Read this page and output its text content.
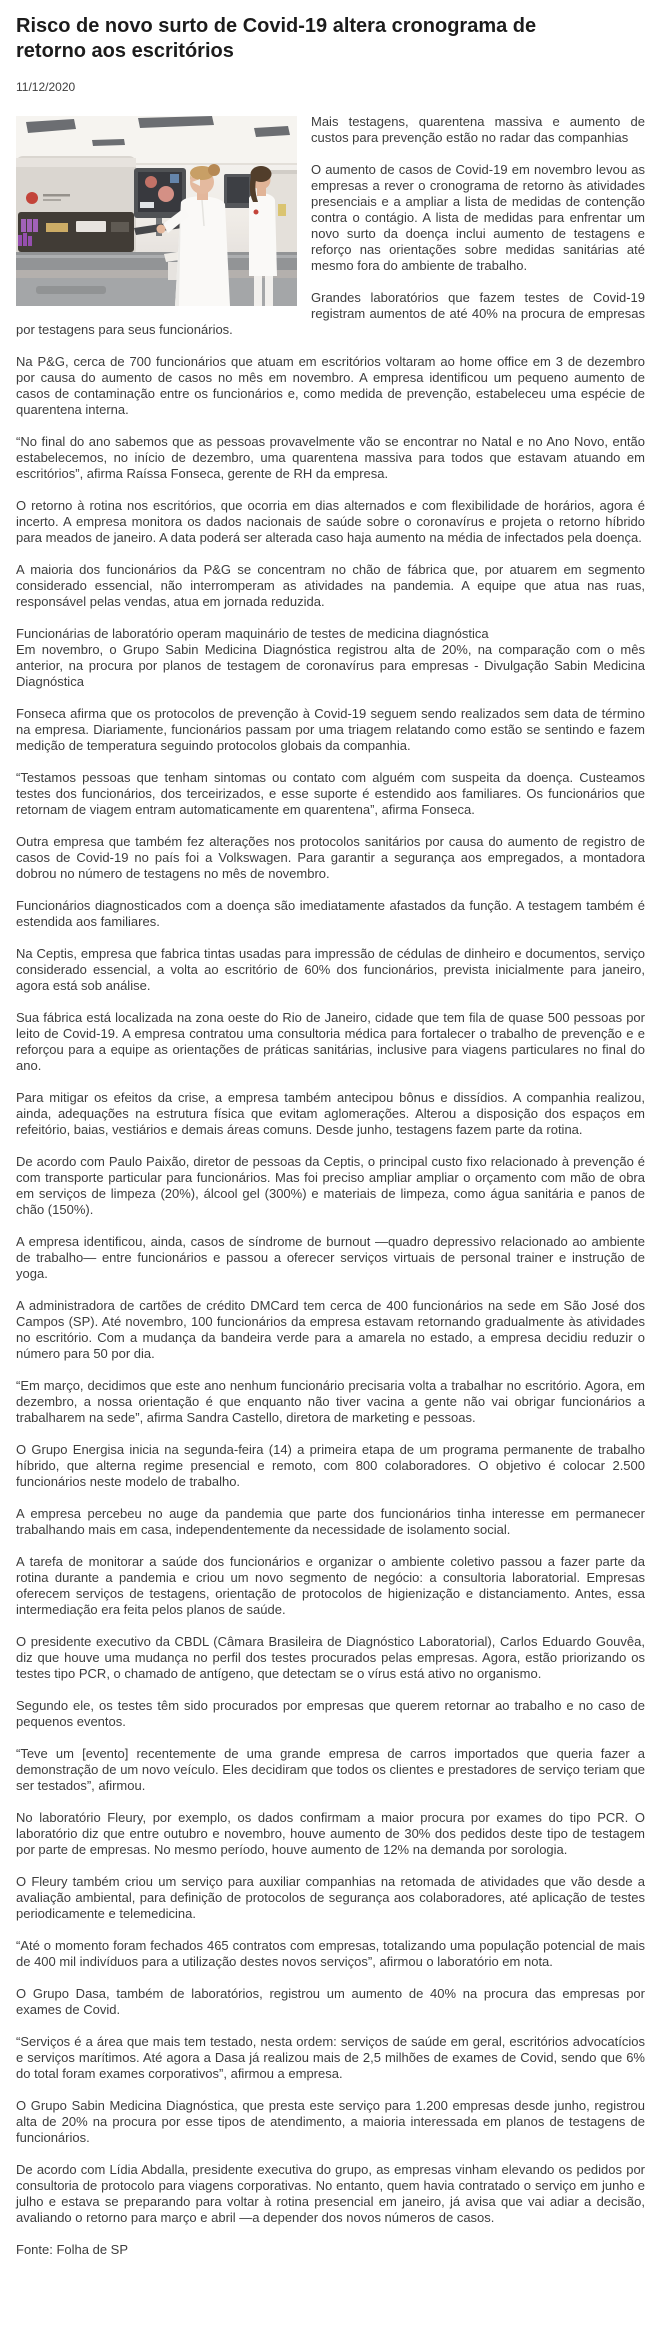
Risco de novo surto de Covid-19 altera cronograma de retorno aos escritórios
11/12/2020

Mais testagens, quarentena massiva e aumento de custos para prevenção estão no radar das companhias

O aumento de casos de Covid-19 em novembro levou as empresas a rever o cronograma de retorno às atividades presenciais e a ampliar a lista de medidas de contenção contra o contágio. A lista de medidas para enfrentar um novo surto da doença inclui aumento de testagens e reforço nas orientações sobre medidas sanitárias até mesmo fora do ambiente de trabalho.

Grandes laboratórios que fazem testes de Covid-19 registram aumentos de até 40% na procura de empresas por testagens para seus funcionários.

Na P&G, cerca de 700 funcionários que atuam em escritórios voltaram ao home office em 3 de dezembro por causa do aumento de casos no mês em novembro. A empresa identificou um pequeno aumento de casos de contaminação entre os funcionários e, como medida de prevenção, estabeleceu uma espécie de quarentena interna.

“No final do ano sabemos que as pessoas provavelmente vão se encontrar no Natal e no Ano Novo, então estabelecemos, no início de dezembro, uma quarentena massiva para todos que estavam atuando em escritórios”, afirma Raíssa Fonseca, gerente de RH da empresa.

O retorno à rotina nos escritórios, que ocorria em dias alternados e com flexibilidade de horários, agora é incerto. A empresa monitora os dados nacionais de saúde sobre o coronavírus e projeta o retorno híbrido para meados de janeiro. A data poderá ser alterada caso haja aumento na média de infectados pela doença.

A maioria dos funcionários da P&G se concentram no chão de fábrica que, por atuarem em segmento considerado essencial, não interromperam as atividades na pandemia. A equipe que atua nas ruas, responsável pelas vendas, atua em jornada reduzida.

Funcionárias de laboratório operam maquinário de testes de medicina diagnóstica

Em novembro, o Grupo Sabin Medicina Diagnóstica registrou alta de 20%, na comparação com o mês anterior, na procura por planos de testagem de coronavírus para empresas - Divulgação Sabin Medicina Diagnóstica

Fonseca afirma que os protocolos de prevenção à Covid-19 seguem sendo realizados sem data de término na empresa. Diariamente, funcionários passam por uma triagem relatando como estão se sentindo e fazem medição de temperatura seguindo protocolos globais da companhia.

“Testamos pessoas que tenham sintomas ou contato com alguém com suspeita da doença. Custeamos testes dos funcionários, dos terceirizados, e esse suporte é estendido aos familiares. Os funcionários que retornam de viagem entram automaticamente em quarentena”, afirma Fonseca.

Outra empresa que também fez alterações nos protocolos sanitários por causa do aumento de registro de casos de Covid-19 no país foi a Volkswagen. Para garantir a segurança aos empregados, a montadora dobrou no número de testagens no mês de novembro.

Funcionários diagnosticados com a doença são imediatamente afastados da função. A testagem também é estendida aos familiares.

Na Ceptis, empresa que fabrica tintas usadas para impressão de cédulas de dinheiro e documentos, serviço considerado essencial, a volta ao escritório de 60% dos funcionários, prevista inicialmente para janeiro, agora está sob análise.

Sua fábrica está localizada na zona oeste do Rio de Janeiro, cidade que tem fila de quase 500 pessoas por leito de Covid-19. A empresa contratou uma consultoria médica para fortalecer o trabalho de prevenção e e reforçou para a equipe as orientações de práticas sanitárias, inclusive para viagens particulares no final do ano.

Para mitigar os efeitos da crise, a empresa também antecipou bônus e dissídios. A companhia realizou, ainda, adequações na estrutura física que evitam aglomerações. Alterou a disposição dos espaços em refeitório, baias, vestiários e demais áreas comuns. Desde junho, testagens fazem parte da rotina.

De acordo com Paulo Paixão, diretor de pessoas da Ceptis, o principal custo fixo relacionado à prevenção é com transporte particular para funcionários. Mas foi preciso ampliar ampliar o orçamento com mão de obra em serviços de limpeza (20%), álcool gel (300%) e materiais de limpeza, como água sanitária e panos de chão (150%).

A empresa identificou, ainda, casos de síndrome de burnout —quadro depressivo relacionado ao ambiente de trabalho— entre funcionários e passou a oferecer serviços virtuais de personal trainer e instrução de yoga.

A administradora de cartões de crédito DMCard tem cerca de 400 funcionários na sede em São José dos Campos (SP). Até novembro, 100 funcionários da empresa estavam retornando gradualmente às atividades no escritório. Com a mudança da bandeira verde para a amarela no estado, a empresa decidiu reduzir o número para 50 por dia.

“Em março, decidimos que este ano nenhum funcionário precisaria volta a trabalhar no escritório. Agora, em dezembro, a nossa orientação é que enquanto não tiver vacina a gente não vai obrigar funcionários a trabalharem na sede”, afirma Sandra Castello, diretora de marketing e pessoas.

O Grupo Energisa inicia na segunda-feira (14) a primeira etapa de um programa permanente de trabalho híbrido, que alterna regime presencial e remoto, com 800 colaboradores. O objetivo é colocar 2.500 funcionários neste modelo de trabalho.

A empresa percebeu no auge da pandemia que parte dos funcionários tinha interesse em permanecer trabalhando mais em casa, independentemente da necessidade de isolamento social.

A tarefa de monitorar a saúde dos funcionários e organizar o ambiente coletivo passou a fazer parte da rotina durante a pandemia e criou um novo segmento de negócio: a consultoria laboratorial. Empresas oferecem serviços de testagens, orientação de protocolos de higienização e distanciamento. Antes, essa intermediação era feita pelos planos de saúde.

O presidente executivo da CBDL (Câmara Brasileira de Diagnóstico Laboratorial), Carlos Eduardo Gouvêa, diz que houve uma mudança no perfil dos testes procurados pelas empresas. Agora, estão priorizando os testes tipo PCR, o chamado de antígeno, que detectam se o vírus está ativo no organismo.

Segundo ele, os testes têm sido procurados por empresas que querem retornar ao trabalho e no caso de pequenos eventos.

“Teve um [evento] recentemente de uma grande empresa de carros importados que queria fazer a demonstração de um novo veículo. Eles decidiram que todos os clientes e prestadores de serviço teriam que ser testados”, afirmou.

No laboratório Fleury, por exemplo, os dados confirmam a maior procura por exames do tipo PCR. O laboratório diz que entre outubro e novembro, houve aumento de 30% dos pedidos deste tipo de testagem por parte de empresas. No mesmo período, houve aumento de 12% na demanda por sorologia.

O Fleury também criou um serviço para auxiliar companhias na retomada de atividades que vão desde a avaliação ambiental, para definição de protocolos de segurança aos colaboradores, até aplicação de testes periodicamente e telemedicina.

“Até o momento foram fechados 465 contratos com empresas, totalizando uma população potencial de mais de 400 mil indivíduos para a utilização destes novos serviços”, afirmou o laboratório em nota.

O Grupo Dasa, também de laboratórios, registrou um aumento de 40% na procura das empresas por exames de Covid.

“Serviços é a área que mais tem testado, nesta ordem: serviços de saúde em geral, escritórios advocatícios e serviços marítimos. Até agora a Dasa já realizou mais de 2,5 milhões de exames de Covid, sendo que 6% do total foram exames corporativos”, afirmou a empresa.

O Grupo Sabin Medicina Diagnóstica, que presta este serviço para 1.200 empresas desde junho, registrou alta de 20% na procura por esse tipos de atendimento, a maioria interessada em planos de testagens de funcionários.

De acordo com Lídia Abdalla, presidente executiva do grupo, as empresas vinham elevando os pedidos por consultoria de protocolo para viagens corporativas. No entanto, quem havia contratado o serviço em junho e julho e estava se preparando para voltar à rotina presencial em janeiro, já avisa que vai adiar a decisão, avaliando o retorno para março e abril —a depender dos novos números de casos.

Fonte: Folha de SP
